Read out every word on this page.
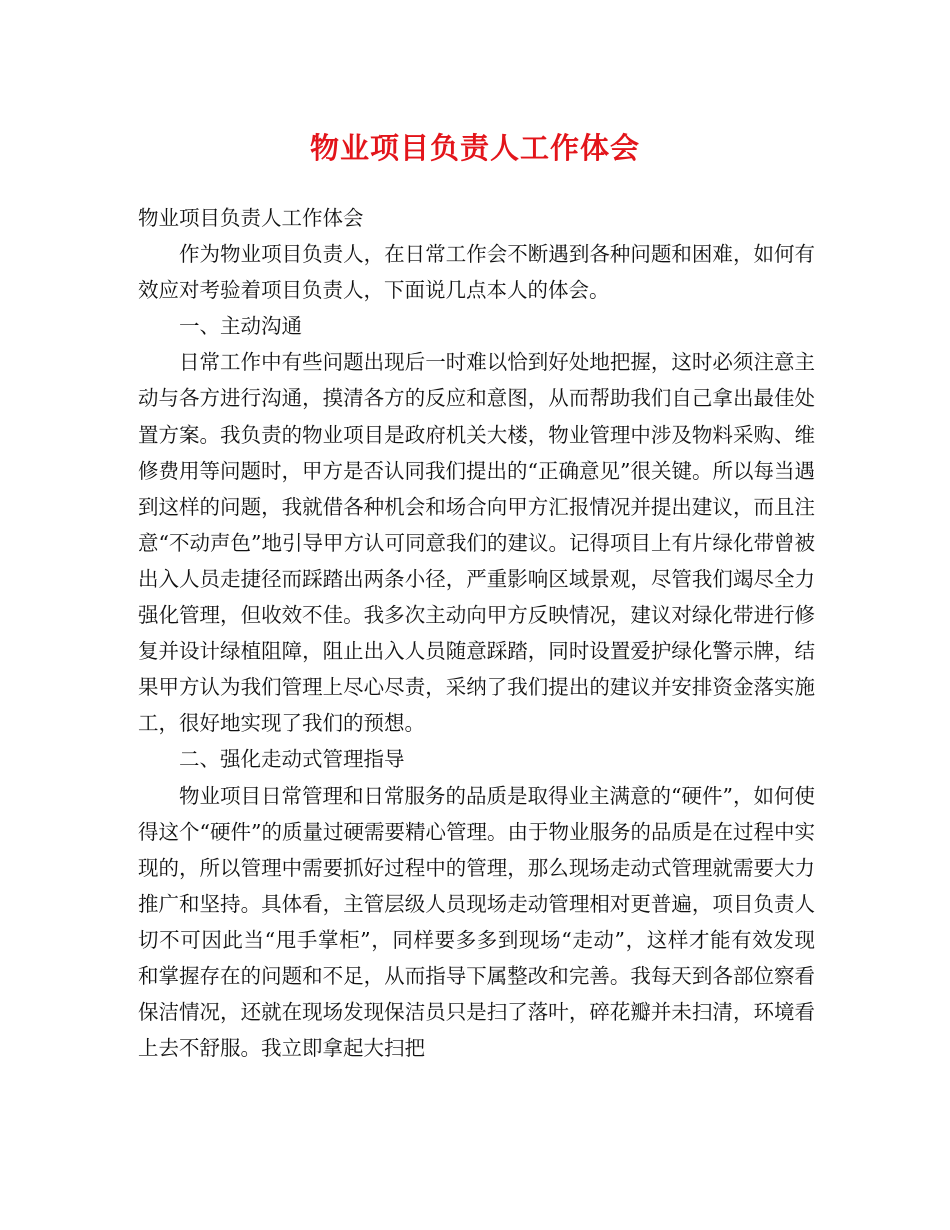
物业项目负责人工作体会

物业项目负责人工作体会

作为物业项目负责人，在日常工作会不断遇到各种问题和困难，如何有效应对考验着项目负责人，下面说几点本人的体会。

一、主动沟通

日常工作中有些问题出现后一时难以恰到好处地把握，这时必须注意主动与各方进行沟通，摸清各方的反应和意图，从而帮助我们自己拿出最佳处置方案。我负责的物业项目是政府机关大楼，物业管理中涉及物料采购、维修费用等问题时，甲方是否认同我们提出的“正确意见”很关键。所以每当遇到这样的问题，我就借各种机会和场合向甲方汇报情况并提出建议，而且注意“不动声色”地引导甲方认可同意我们的建议。记得项目上有片绿化带曾被出入人员走捷径而踩踏出两条小径，严重影响区域景观，尽管我们竭尽全力强化管理，但收效不佳。我多次主动向甲方反映情况，建议对绿化带进行修复并设计绿植阻障，阻止出入人员随意踩踏，同时设置爱护绿化警示牌，结果甲方认为我们管理上尽心尽责，采纳了我们提出的建议并安排资金落实施工，很好地实现了我们的预想。

二、强化走动式管理指导

物业项目日常管理和日常服务的品质是取得业主满意的“硬件”，如何使得这个“硬件”的质量过硬需要精心管理。由于物业服务的品质是在过程中实现的，所以管理中需要抓好过程中的管理，那么现场走动式管理就需要大力推广和坚持。具体看，主管层级人员现场走动管理相对更普遍，项目负责人切不可因此当“甩手掌柜”，同样要多多到现场“走动”，这样才能有效发现和掌握存在的问题和不足，从而指导下属整改和完善。我每天到各部位察看保洁情况，还就在现场发现保洁员只是扫了落叶，碎花瓣并未扫清，环境看上去不舒服。我立即拿起大扫把
